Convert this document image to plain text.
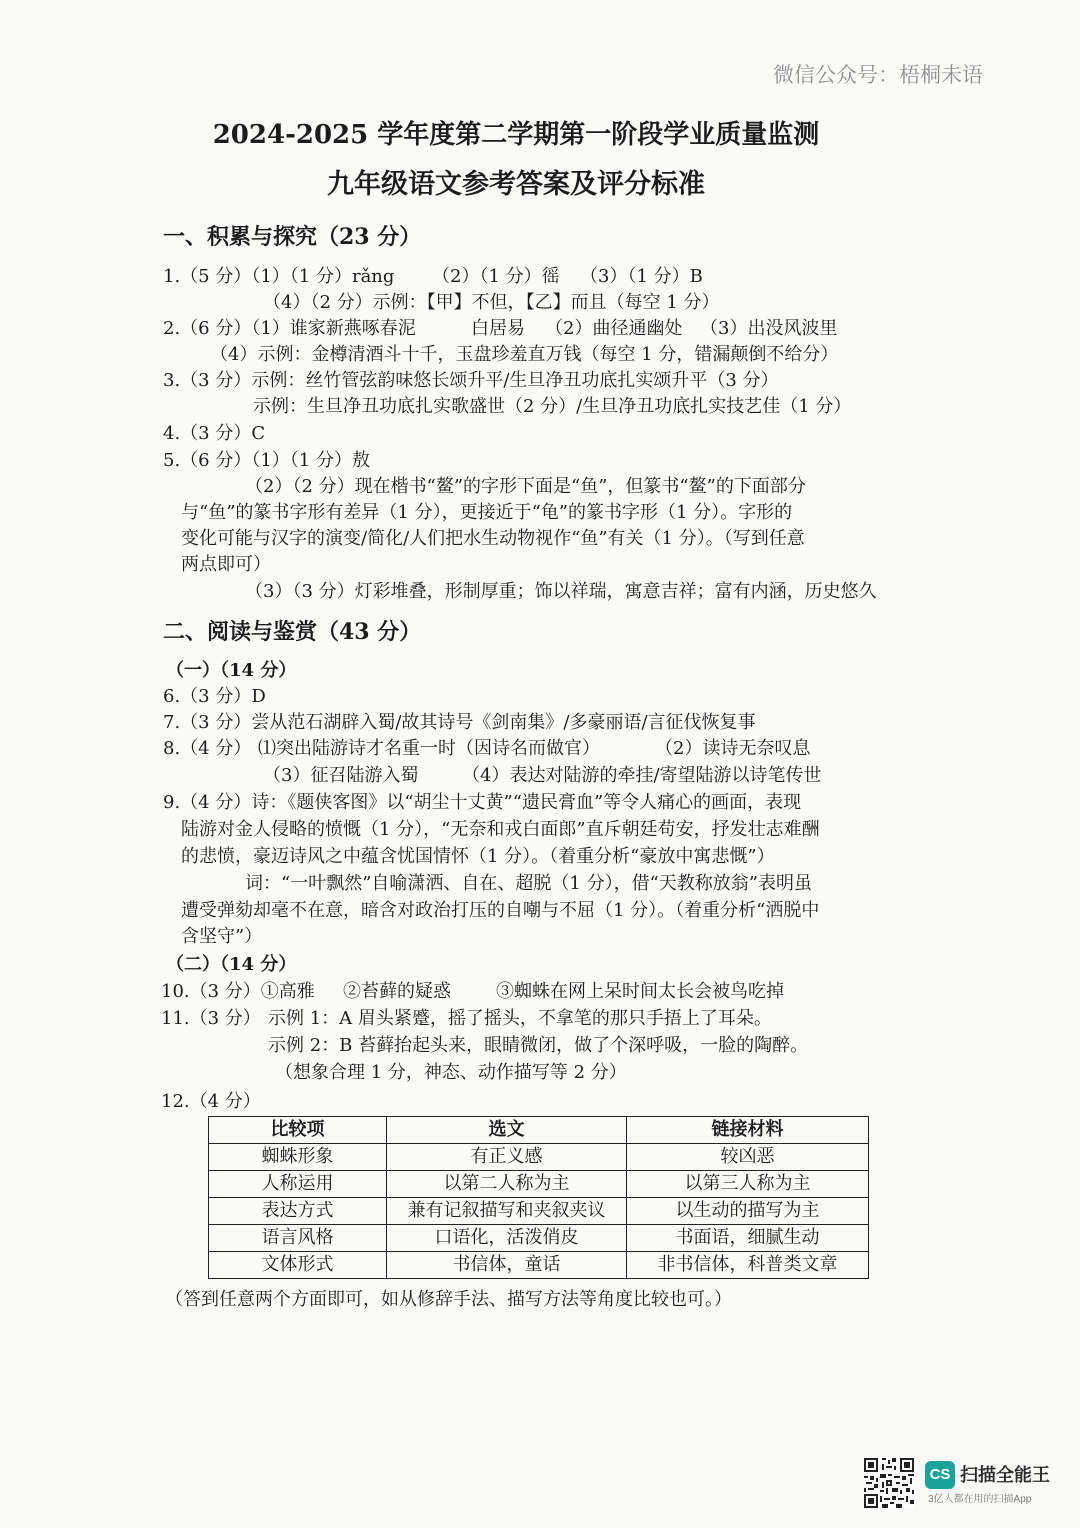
微信公众号：梧桐未语
2024-2025 学年度第二学期第一阶段学业质量监测
九年级语文参考答案及评分标准
一、积累与探究（23 分）
1.（5 分）（1）（1 分）rǎng （2）（1 分）徭 （3）（1 分）B
（4）（2 分）示例：【甲】不但，【乙】而且（每空 1 分）
2.（6 分）（1）谁家新燕啄春泥	白居易 （2）曲径通幽处 （3）出没风波里
（4）示例：金樽清酒斗十千，玉盘珍羞直万钱（每空 1 分，错漏颠倒不给分）
3.（3 分）示例：丝竹管弦韵味悠长颂升平/生旦净丑功底扎实颂升平（3 分）
示例：生旦净丑功底扎实歌盛世（2 分）/生旦净丑功底扎实技艺佳（1 分）
4.（3 分）C
5.（6 分）（1）（1 分）敖
（2）（2 分）现在楷书“鳌”的字形下面是“鱼”，但篆书“鳌”的下面部分
与“鱼”的篆书字形有差异（1 分），更接近于“龟”的篆书字形（1 分）。字形的
变化可能与汉字的演变/简化/人们把水生动物视作“鱼”有关（1 分）。（写到任意
两点即可）
（3）（3 分）灯彩堆叠，形制厚重；饰以祥瑞，寓意吉祥；富有内涵，历史悠久
二、阅读与鉴赏（43 分）
（一）（14 分）
6.（3 分）D
7.（3 分）尝从范石湖辟入蜀/故其诗号《剑南集》/多豪丽语/言征伐恢复事
8.（4 分） ⑴突出陆游诗才名重一时（因诗名而做官）	（2）读诗无奈叹息
（3）征召陆游入蜀 （4）表达对陆游的牵挂/寄望陆游以诗笔传世
9.（4 分）诗：《题侠客图》以“胡尘十丈黄”“遗民膏血”等令人痛心的画面，表现
陆游对金人侵略的愤慨（1 分），“无奈和戎白面郎”直斥朝廷苟安，抒发壮志难酬
的悲愤，豪迈诗风之中蕴含忧国情怀（1 分）。（着重分析“豪放中寓悲慨”）
词：“一叶飘然”自喻潇洒、自在、超脱（1 分），借“天教称放翁”表明虽
遭受弹劾却毫不在意，暗含对政治打压的自嘲与不屈（1 分）。（着重分析“洒脱中
含坚守”）
（二）（14 分）
10.（3 分）①高雅 ②苔藓的疑惑	③蜘蛛在网上呆时间太长会被鸟吃掉
11.（3 分） 示例 1：A 眉头紧蹙，摇了摇头，不拿笔的那只手捂上了耳朵。
示例 2：B 苔藓抬起头来，眼睛微闭，做了个深呼吸，一脸的陶醉。
（想象合理 1 分，神态、动作描写等 2 分）
12.（4 分）
比较项	选文	链接材料
蜘蛛形象	有正义感	较凶恶
人称运用	以第二人称为主	以第三人称为主
表达方式	兼有记叙描写和夹叙夹议	以生动的描写为主
语言风格	口语化，活泼俏皮	书面语，细腻生动
文体形式	书信体，童话	非书信体，科普类文章
（答到任意两个方面即可，如从修辞手法、描写方法等角度比较也可。）
CS 扫描全能王
3亿人都在用的扫描App
